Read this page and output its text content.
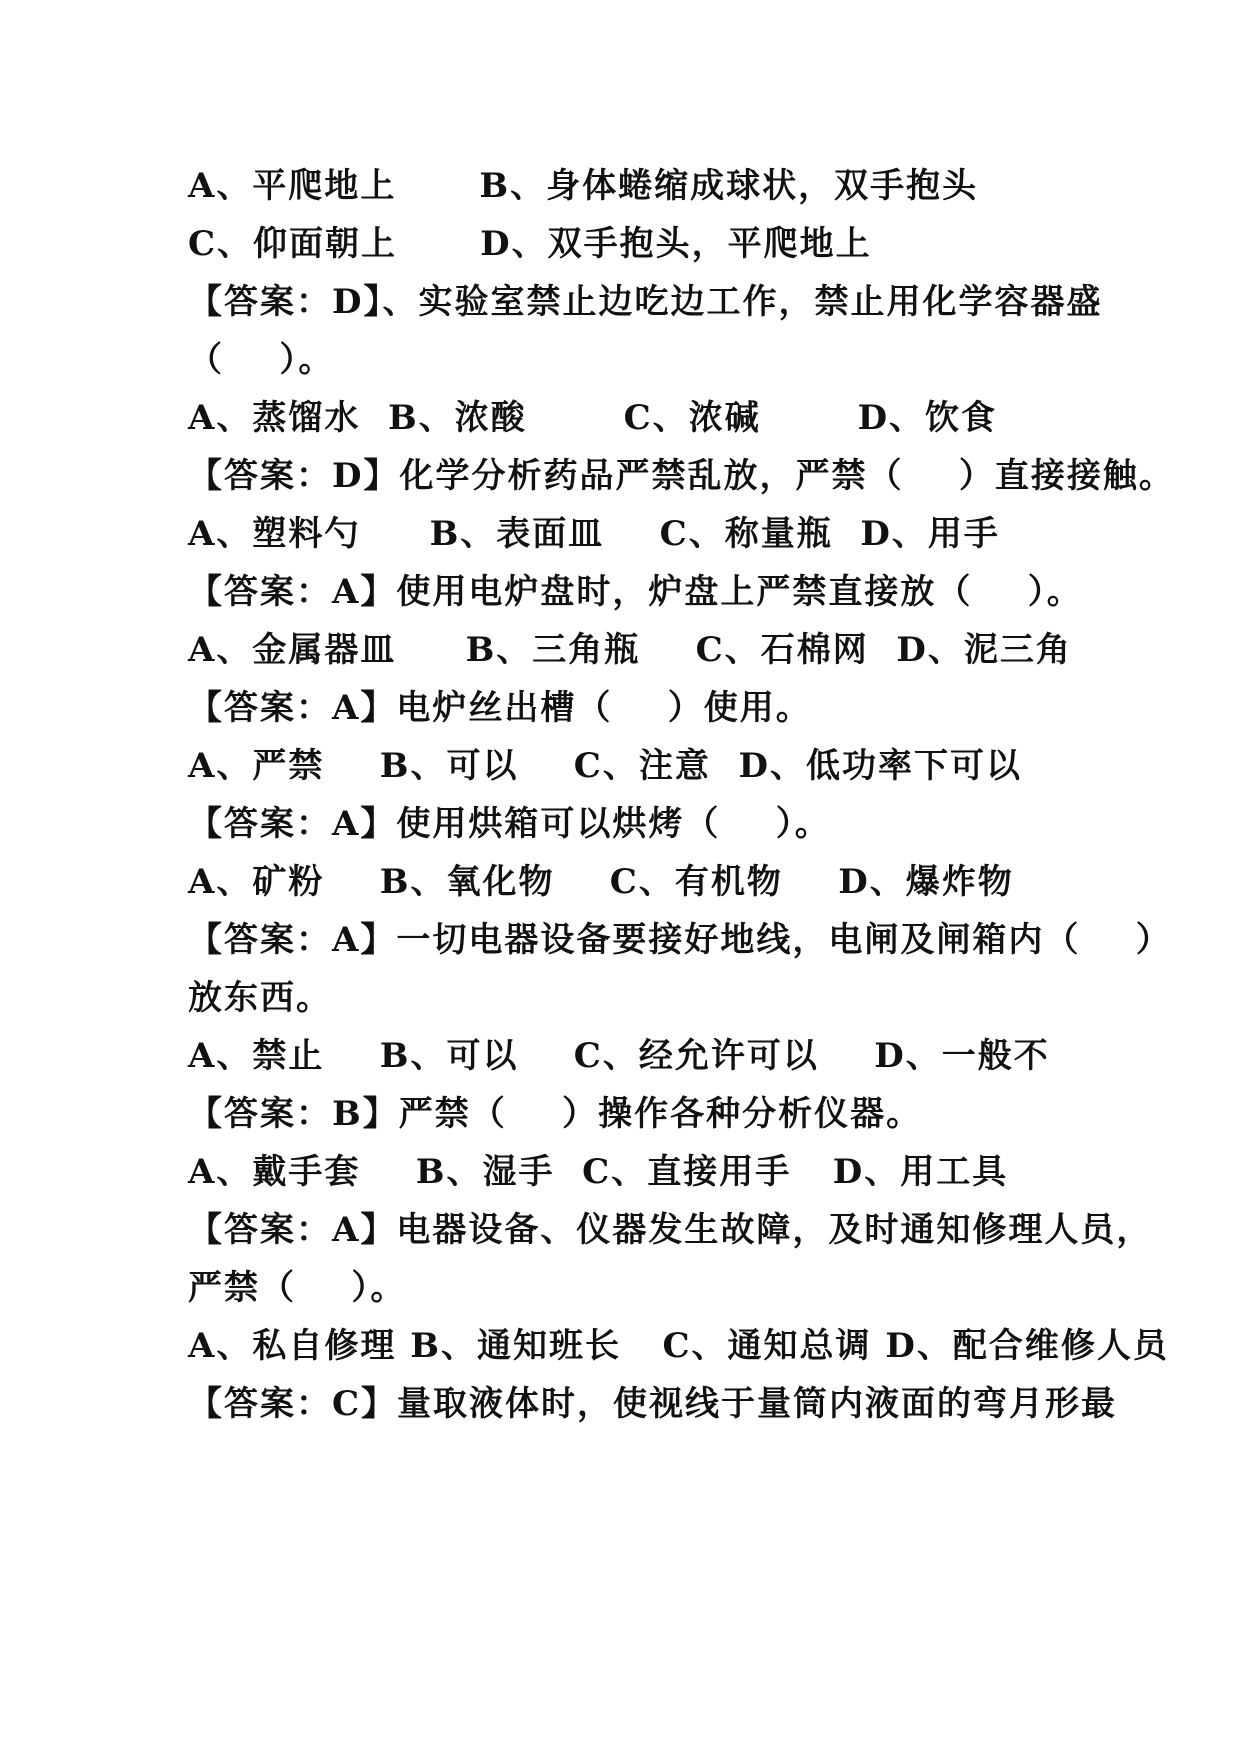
A、平爬地上      B、身体蜷缩成球状，双手抱头
C、仰面朝上      D、双手抱头，平爬地上
【答案：D】、实验室禁止边吃边工作，禁止用化学容器盛
（    ）。
A、蒸馏水  B、浓酸       C、浓碱       D、饮食
【答案：D】化学分析药品严禁乱放，严禁（    ）直接接触。
A、塑料勺     B、表面皿    C、称量瓶  D、用手
【答案：A】使用电炉盘时，炉盘上严禁直接放（    ）。
A、金属器皿     B、三角瓶    C、石棉网  D、泥三角
【答案：A】电炉丝出槽（    ）使用。
A、严禁    B、可以    C、注意  D、低功率下可以
【答案：A】使用烘箱可以烘烤（    ）。
A、矿粉    B、氧化物    C、有机物    D、爆炸物
【答案：A】一切电器设备要接好地线，电闸及闸箱内（    ）
放东西。
A、禁止    B、可以    C、经允许可以    D、一般不
【答案：B】严禁（    ）操作各种分析仪器。
A、戴手套    B、湿手  C、直接用手   D、用工具
【答案：A】电器设备、仪器发生故障，及时通知修理人员，
严禁（    ）。
A、私自修理 B、通知班长   C、通知总调 D、配合维修人员
【答案：C】量取液体时，使视线于量筒内液面的弯月形最
